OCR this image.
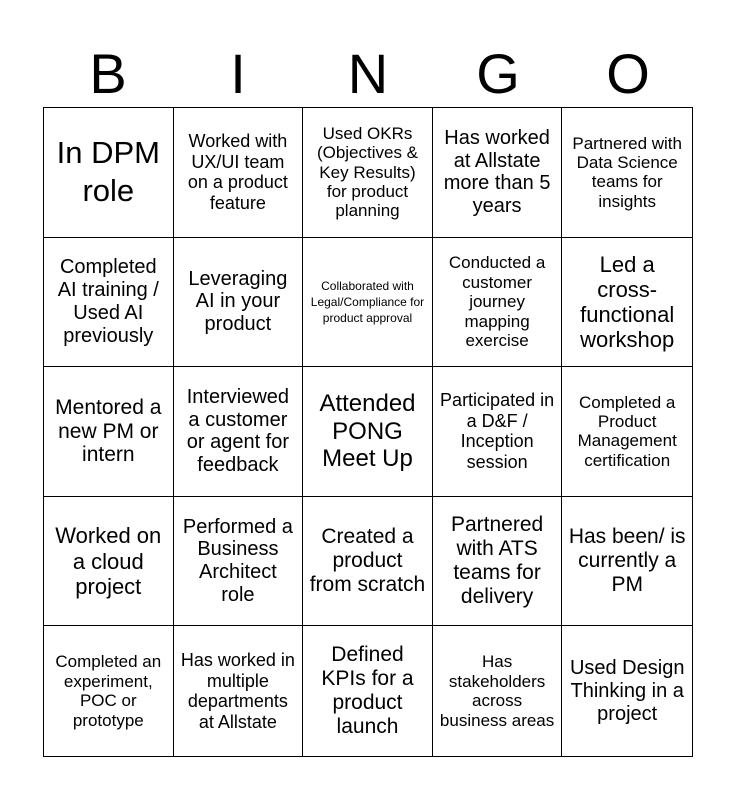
B	I	N	G	O
In DPM role
Worked with UX/UI team on a product feature
Used OKRs (Objectives & Key Results) for product planning
Has worked at Allstate more than 5 years
Partnered with Data Science teams for insights
Completed AI training / Used AI previously
Leveraging AI in your product
Collaborated with Legal/Compliance for product approval
Conducted a customer journey mapping exercise
Led a cross-functional workshop
Mentored a new PM or intern
Interviewed a customer or agent for feedback
Attended PONG Meet Up
Participated in a D&F / Inception session
Completed a Product Management certification
Worked on a cloud project
Performed a Business Architect role
Created a product from scratch
Partnered with ATS teams for delivery
Has been/ is currently a PM
Completed an experiment, POC or prototype
Has worked in multiple departments at Allstate
Defined KPIs for a product launch
Has stakeholders across business areas
Used Design Thinking in a project
